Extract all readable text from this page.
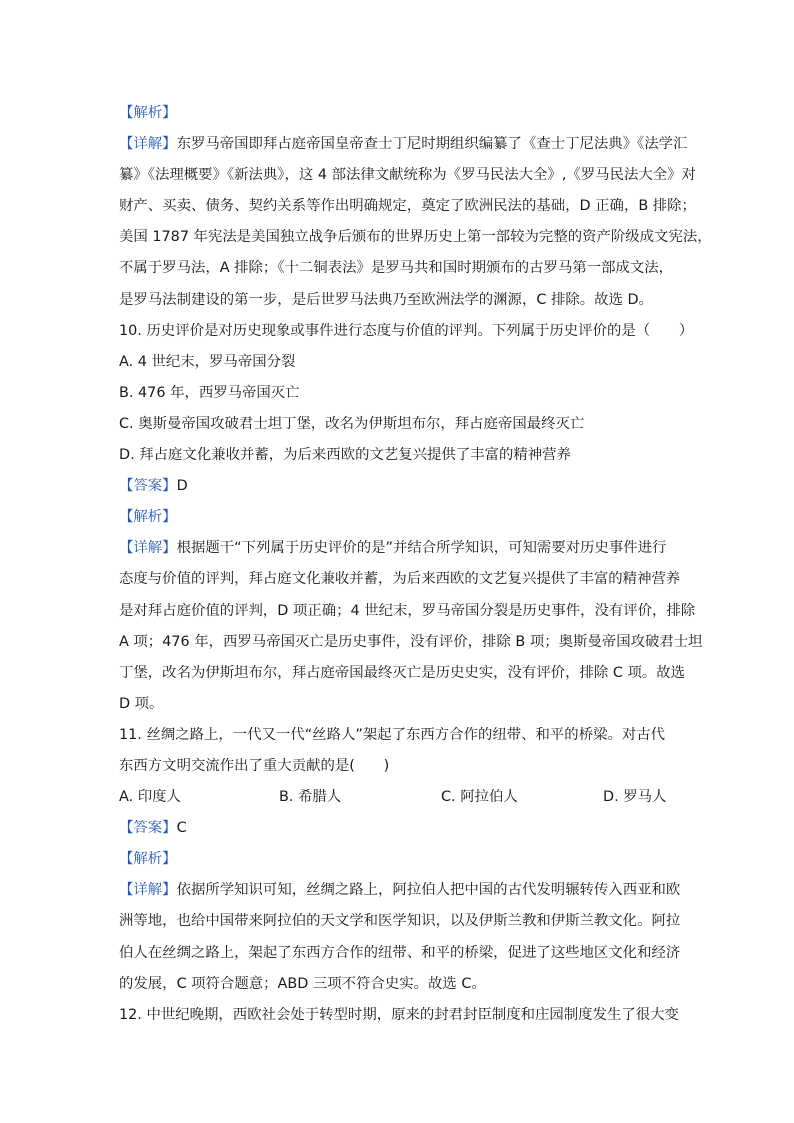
【解析】
【详解】东罗马帝国即拜占庭帝国皇帝查士丁尼时期组织编纂了《查士丁尼法典》《法学汇
纂》《法理概要》《新法典》，这 4 部法律文献统称为《罗马民法大全》,《罗马民法大全》对
财产、买卖、债务、契约关系等作出明确规定，奠定了欧洲民法的基础，D 正确，B 排除；
美国 1787 年宪法是美国独立战争后颁布的世界历史上第一部较为完整的资产阶级成文宪法，
不属于罗马法，A 排除；《十二铜表法》是罗马共和国时期颁布的古罗马第一部成文法，
是罗马法制建设的第一步，是后世罗马法典乃至欧洲法学的渊源，C 排除。故选 D。
10. 历史评价是对历史现象或事件进行态度与价值的评判。下列属于历史评价的是（　　）
A. 4 世纪末，罗马帝国分裂
B. 476 年，西罗马帝国灭亡
C. 奥斯曼帝国攻破君士坦丁堡，改名为伊斯坦布尔，拜占庭帝国最终灭亡
D. 拜占庭文化兼收并蓄，为后来西欧的文艺复兴提供了丰富的精神营养
【答案】D
【解析】
【详解】根据题干“下列属于历史评价的是”并结合所学知识，可知需要对历史事件进行
态度与价值的评判，拜占庭文化兼收并蓄，为后来西欧的文艺复兴提供了丰富的精神营养
是对拜占庭价值的评判，D 项正确；4 世纪末，罗马帝国分裂是历史事件，没有评价，排除
A 项；476 年，西罗马帝国灭亡是历史事件，没有评价，排除 B 项；奥斯曼帝国攻破君士坦
丁堡，改名为伊斯坦布尔，拜占庭帝国最终灭亡是历史史实，没有评价，排除 C 项。故选
D 项。
11. 丝绸之路上，一代又一代“丝路人”架起了东西方合作的纽带、和平的桥梁。对古代
东西方文明交流作出了重大贡献的是(　　)
A. 印度人	B. 希腊人	C. 阿拉伯人	D. 罗马人
【答案】C
【解析】
【详解】依据所学知识可知，丝绸之路上，阿拉伯人把中国的古代发明辗转传入西亚和欧
洲等地，也给中国带来阿拉伯的天文学和医学知识，以及伊斯兰教和伊斯兰教文化。阿拉
伯人在丝绸之路上，架起了东西方合作的纽带、和平的桥梁，促进了这些地区文化和经济
的发展，C 项符合题意；ABD 三项不符合史实。故选 C。
12. 中世纪晚期，西欧社会处于转型时期，原来的封君封臣制度和庄园制度发生了很大变
